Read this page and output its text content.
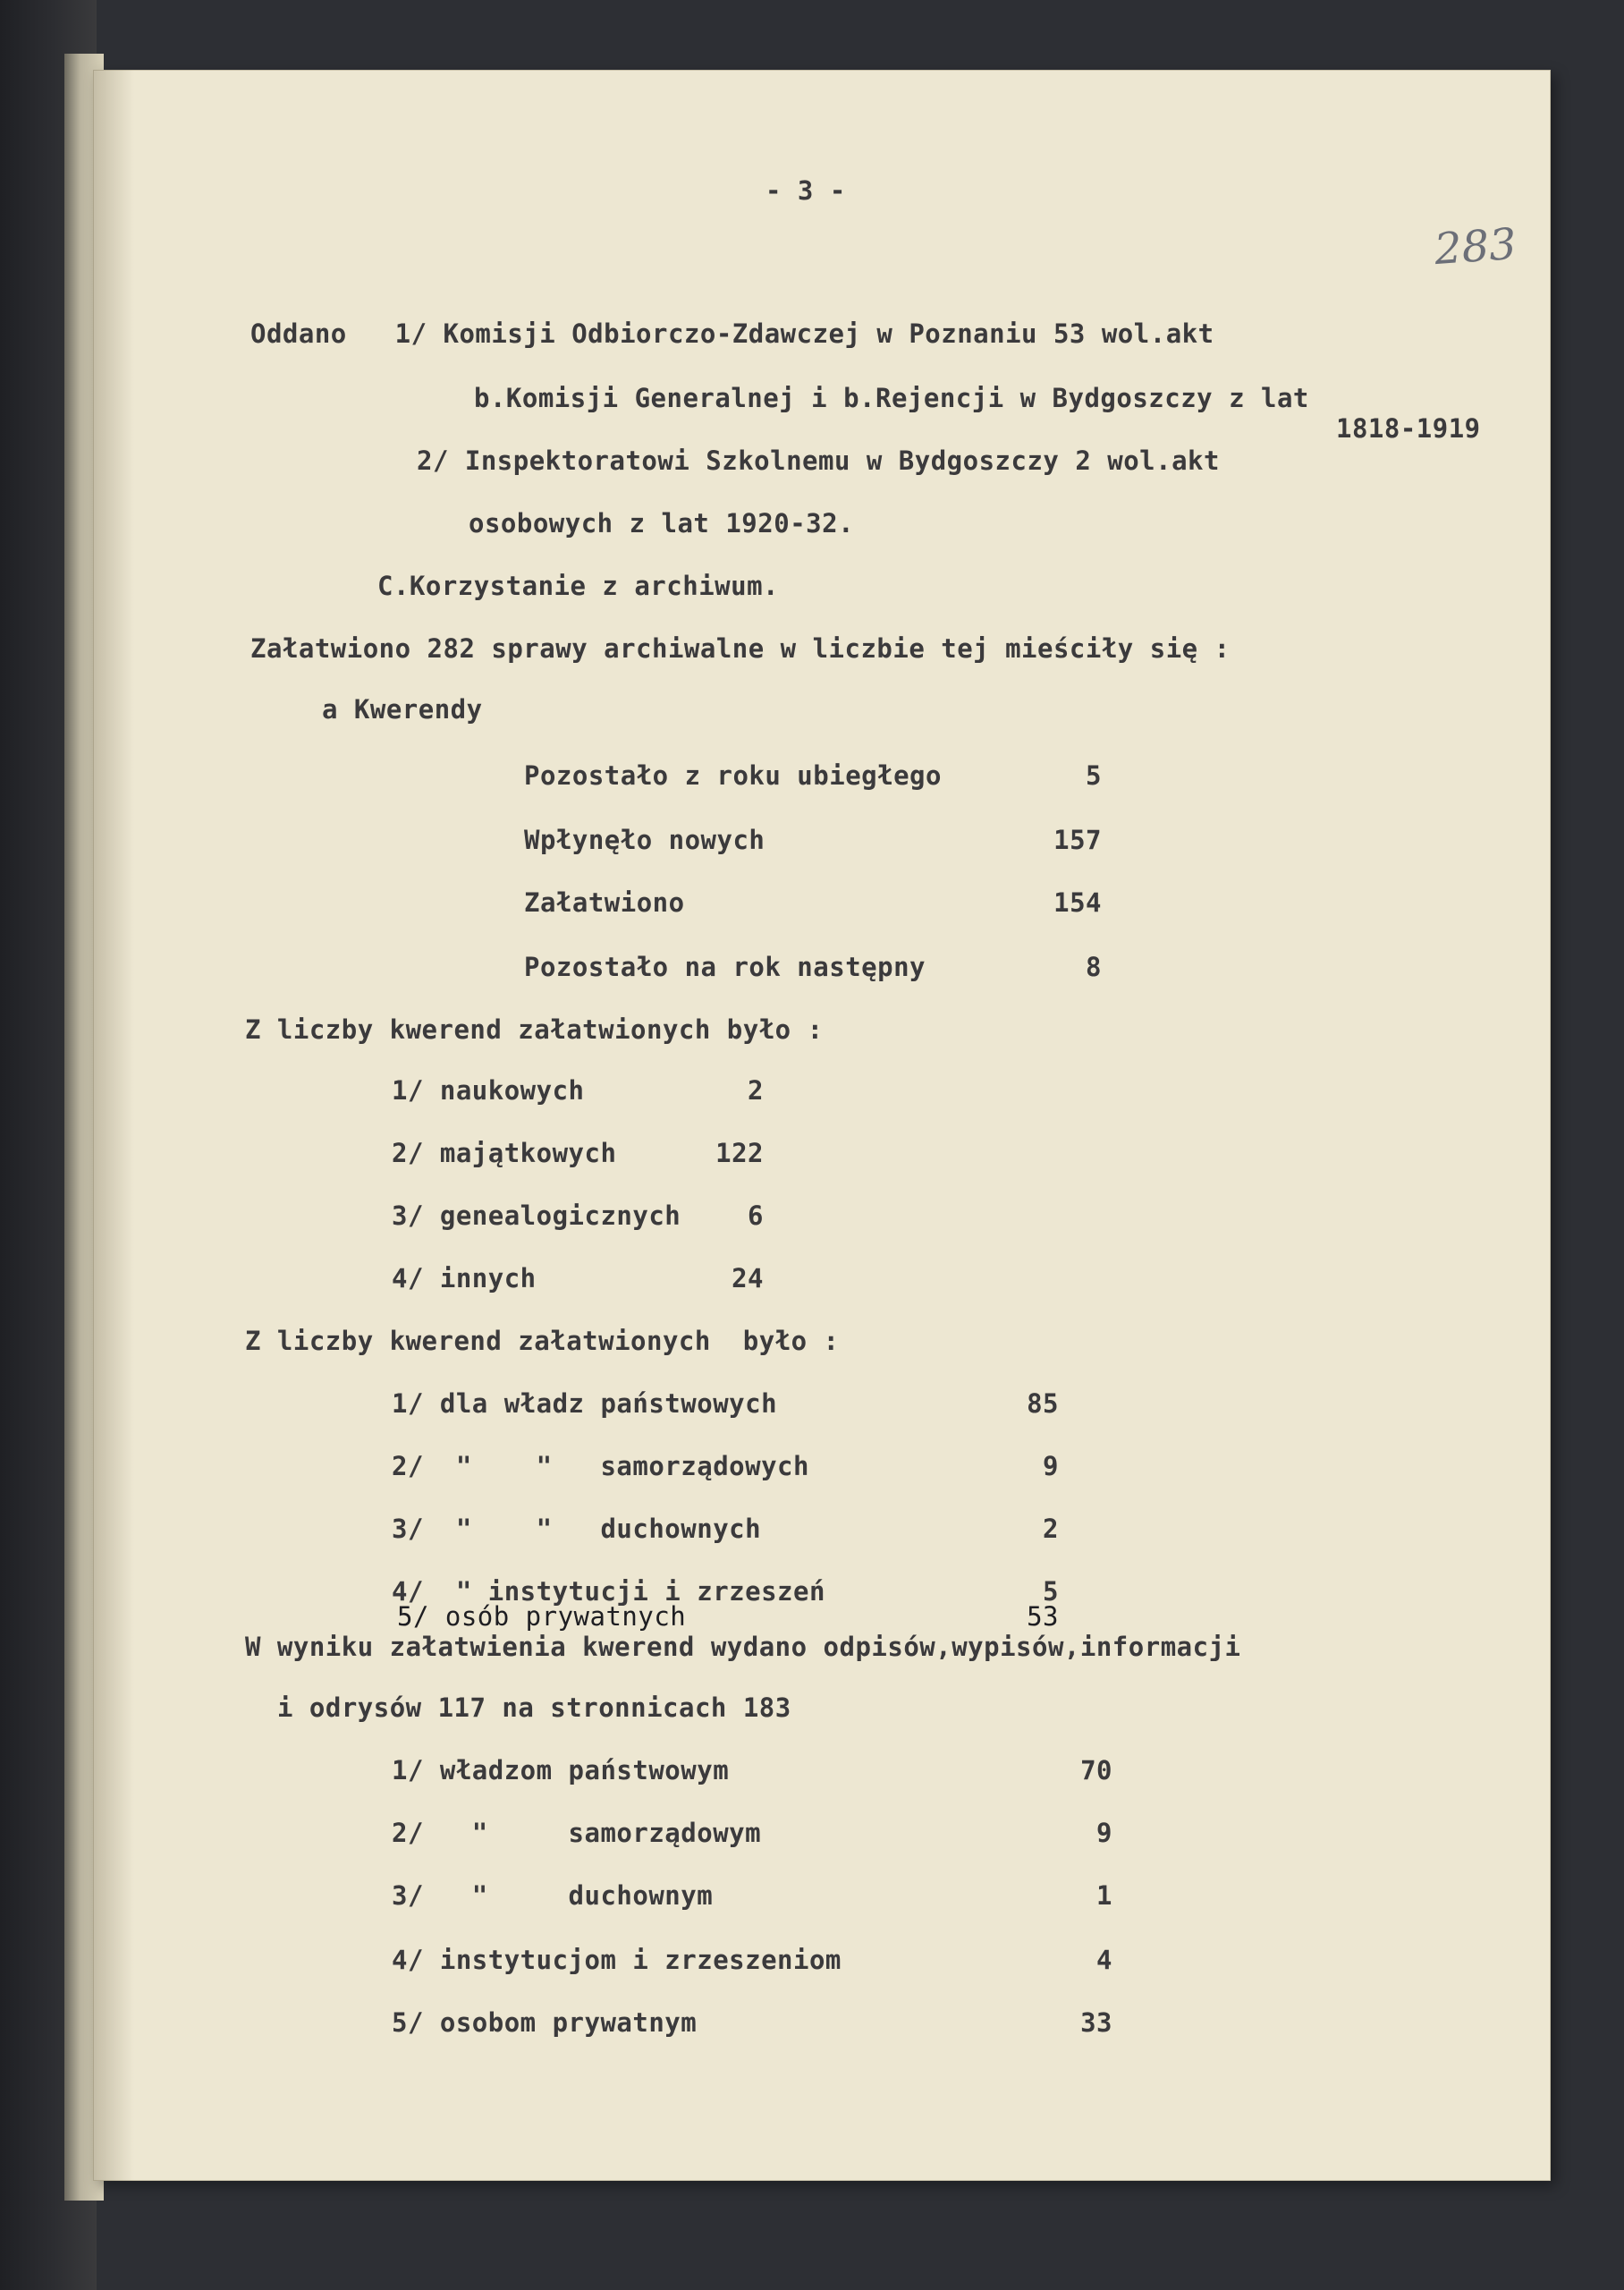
- 3 -
283
Oddano   1/ Komisji Odbiorczo-Zdawczej w Poznaniu 53 wol.akt
b.Komisji Generalnej i b.Rejencji w Bydgoszczy z lat
1818-1919
2/ Inspektoratowi Szkolnemu w Bydgoszczy 2 wol.akt
osobowych z lat 1920-32.
C.Korzystanie z archiwum.
Załatwiono 282 sprawy archiwalne w liczbie tej mieściły się :
a Kwerendy
Pozostało z roku ubiegłego	5
Wpłynęło nowych	157
Załatwiono	154
Pozostało na rok następny	8
Z liczby kwerend załatwionych było :
1/ naukowych	2
2/ majątkowych	122
3/ genealogicznych	6
4/ innych	24
Z liczby kwerend załatwionych  było :
1/ dla władz państwowych	85
2/  "    "   samorządowych	9
3/  "    "   duchownych	2
4/  " instytucji i zrzeszeń	5
5/ osób prywatnych	53
W wyniku załatwienia kwerend wydano odpisów,wypisów,informacji
i odrysów 117 na stronnicach 183
1/ władzom państwowym	70
2/   "     samorządowym	9
3/   "     duchownym	1
4/ instytucjom i zrzeszeniom	4
5/ osobom prywatnym	33
